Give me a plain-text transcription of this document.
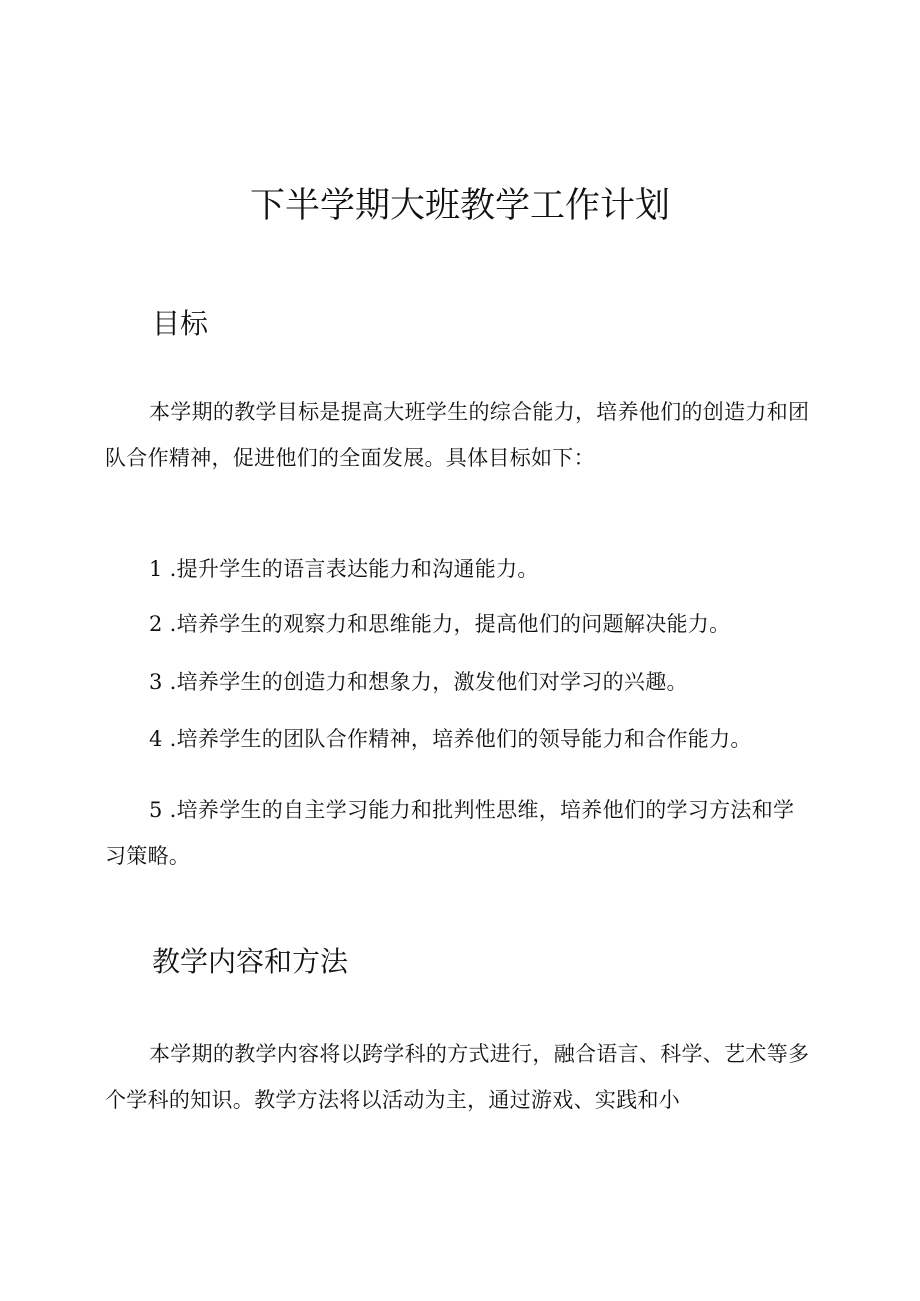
下半学期大班教学工作计划
目标

本学期的教学目标是提高大班学生的综合能力，培养他们的创造力和团队合作精神，促进他们的全面发展。具体目标如下：

1 .提升学生的语言表达能力和沟通能力。

2 .培养学生的观察力和思维能力，提高他们的问题解决能力。

3 .培养学生的创造力和想象力，激发他们对学习的兴趣。

4 .培养学生的团队合作精神，培养他们的领导能力和合作能力。

5 .培养学生的自主学习能力和批判性思维，培养他们的学习方法和学习策略。

教学内容和方法

本学期的教学内容将以跨学科的方式进行，融合语言、科学、艺术等多个学科的知识。教学方法将以活动为主，通过游戏、实践和小
